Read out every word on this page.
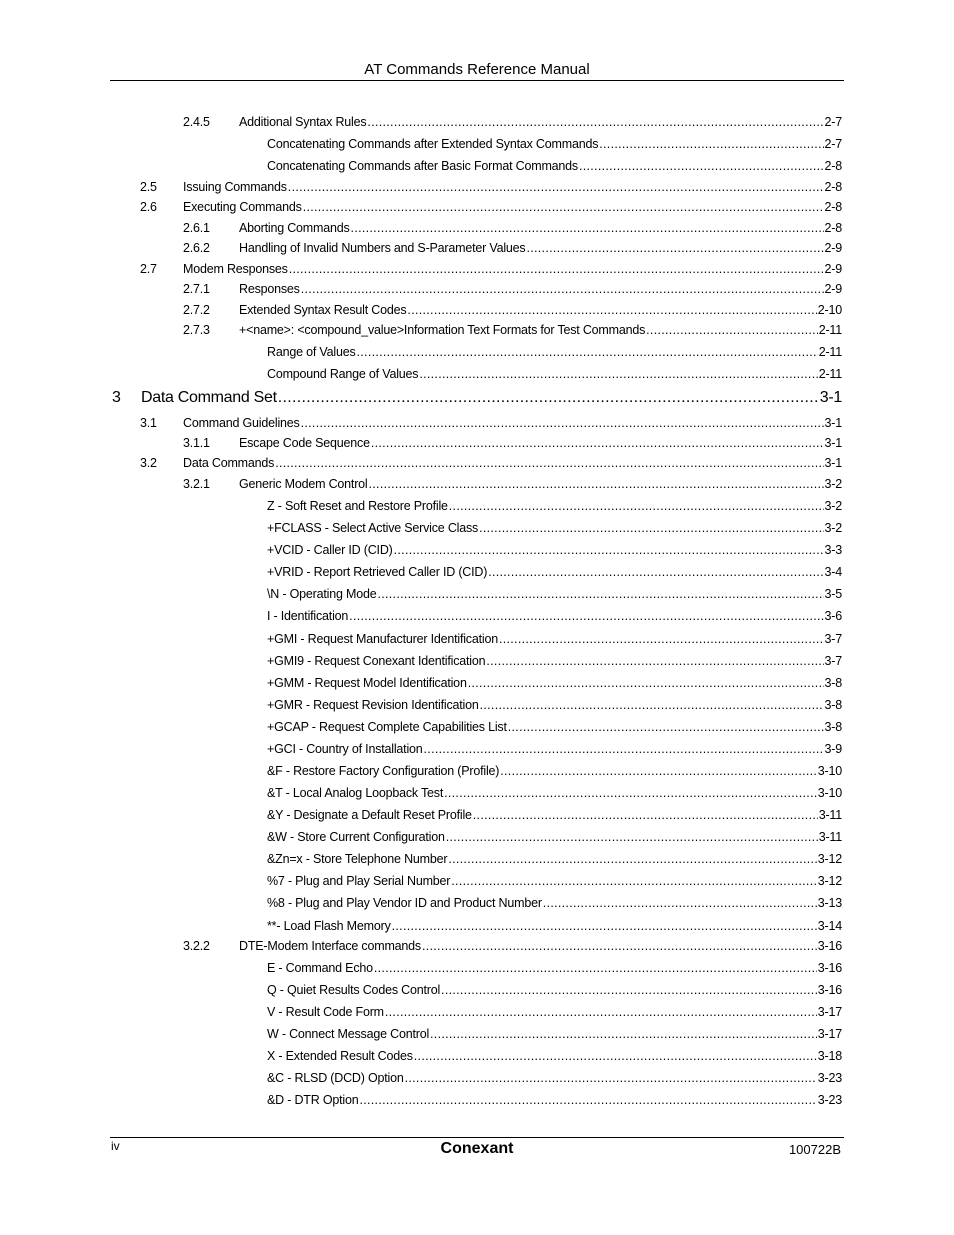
AT Commands Reference Manual
2.4.5 Additional Syntax Rules .....	2-7
Concatenating Commands after Extended Syntax Commands .....	2-7
Concatenating Commands after Basic Format Commands .....	2-8
2.5 Issuing Commands .....	2-8
2.6 Executing Commands .....	2-8
2.6.1 Aborting Commands .....	2-8
2.6.2 Handling of Invalid Numbers and S-Parameter Values .....	2-9
2.7 Modem Responses .....	2-9
2.7.1 Responses .....	2-9
2.7.2 Extended Syntax Result Codes .....	2-10
2.7.3 +<name>: <compound_value>Information Text Formats for Test Commands .....	2-11
Range of Values .....	2-11
Compound Range of Values .....	2-11
3 Data Command Set .....	3-1
3.1 Command Guidelines .....	3-1
3.1.1 Escape Code Sequence .....	3-1
3.2 Data Commands .....	3-1
3.2.1 Generic Modem Control .....	3-2
Z - Soft Reset and Restore Profile .....	3-2
+FCLASS - Select Active Service Class .....	3-2
+VCID - Caller ID (CID) .....	3-3
+VRID - Report Retrieved Caller ID (CID) .....	3-4
\N - Operating Mode .....	3-5
I - Identification .....	3-6
+GMI - Request Manufacturer Identification .....	3-7
+GMI9 - Request Conexant Identification .....	3-7
+GMM - Request Model Identification .....	3-8
+GMR - Request Revision Identification .....	3-8
+GCAP - Request Complete Capabilities List .....	3-8
+GCI - Country of Installation .....	3-9
&F - Restore Factory Configuration (Profile) .....	3-10
&T - Local Analog Loopback Test .....	3-10
&Y - Designate a Default Reset Profile .....	3-11
&W - Store Current Configuration .....	3-11
&Zn=x - Store Telephone Number .....	3-12
%7 - Plug and Play Serial Number .....	3-12
%8 - Plug and Play Vendor ID and Product Number .....	3-13
**- Load Flash Memory .....	3-14
3.2.2 DTE-Modem Interface commands .....	3-16
E - Command Echo .....	3-16
Q - Quiet Results Codes Control .....	3-16
V - Result Code Form .....	3-17
W - Connect Message Control .....	3-17
X - Extended Result Codes .....	3-18
&C - RLSD (DCD) Option .....	3-23
&D - DTR Option .....	3-23
iv	Conexant	100722B
